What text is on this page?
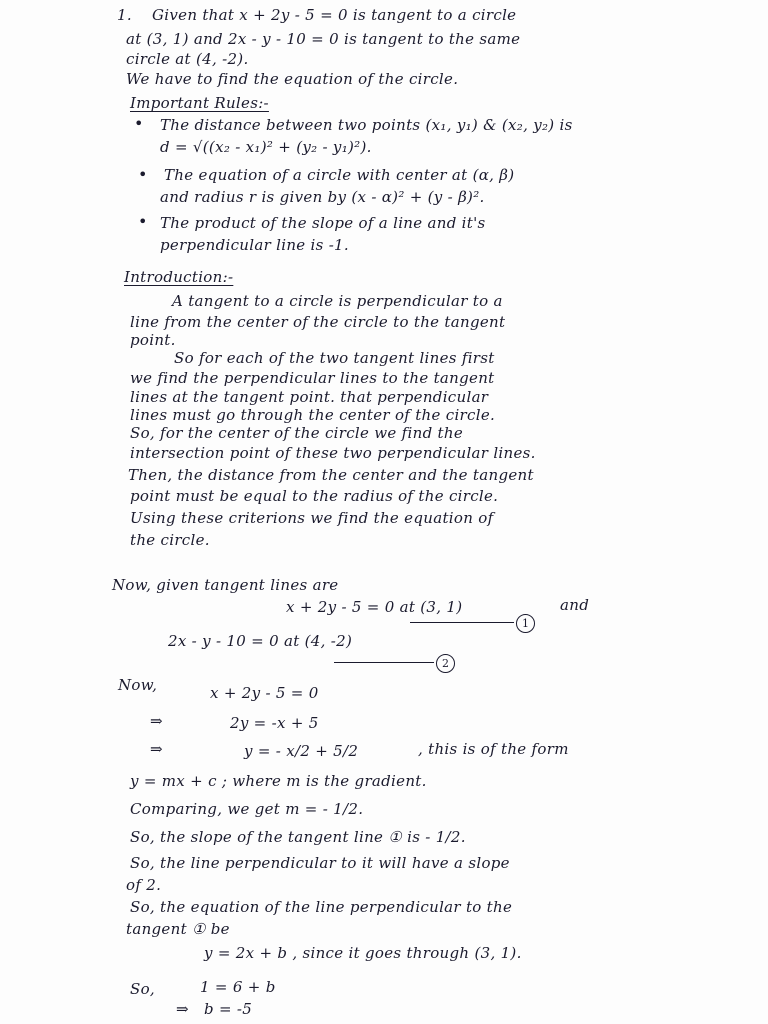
1. Given that x + 2y - 5 = 0 is tangent to a circle
at (3, 1) and 2x - y - 10 = 0 is tangent to the same
circle at (4, -2).
We have to find the equation of the circle.
Important Rules:-
• The distance between two points (x₁, y₁) & (x₂, y₂) is
d = √((x₂ - x₁)² + (y₂ - y₁)²).
• The equation of a circle with center at (α, β)
and radius r is given by (x - α)² + (y - β)².
• The product of the slope of a line and it's
perpendicular line is -1.
Introduction:-
A tangent to a circle is perpendicular to a
line from the center of the circle to the tangent
point.
So for each of the two tangent lines first
we find the perpendicular lines to the tangent
lines at the tangent point. that perpendicular
lines must go through the center of the circle.
So, for the center of the circle we find the
intersection point of these two perpendicular lines.
Then, the distance from the center and the tangent
point must be equal to the radius of the circle.
Using these criterions we find the equation of
the circle.
Now, given tangent lines are
x + 2y - 5 = 0 at (3, 1)	and
1
2x - y - 10 = 0 at (4, -2)
2
Now,	x + 2y - 5 = 0
⇒	2y = -x + 5
⇒	y = - x/2 + 5/2	, this is of the form
y = mx + c ; where m is the gradient.
Comparing, we get m = - 1/2.
So, the slope of the tangent line ① is - 1/2.
So, the line perpendicular to it will have a slope
of 2.
So, the equation of the line perpendicular to the
tangent ① be
y = 2x + b , since it goes through (3, 1).
So,	1 = 6 + b
⇒ b = -5
